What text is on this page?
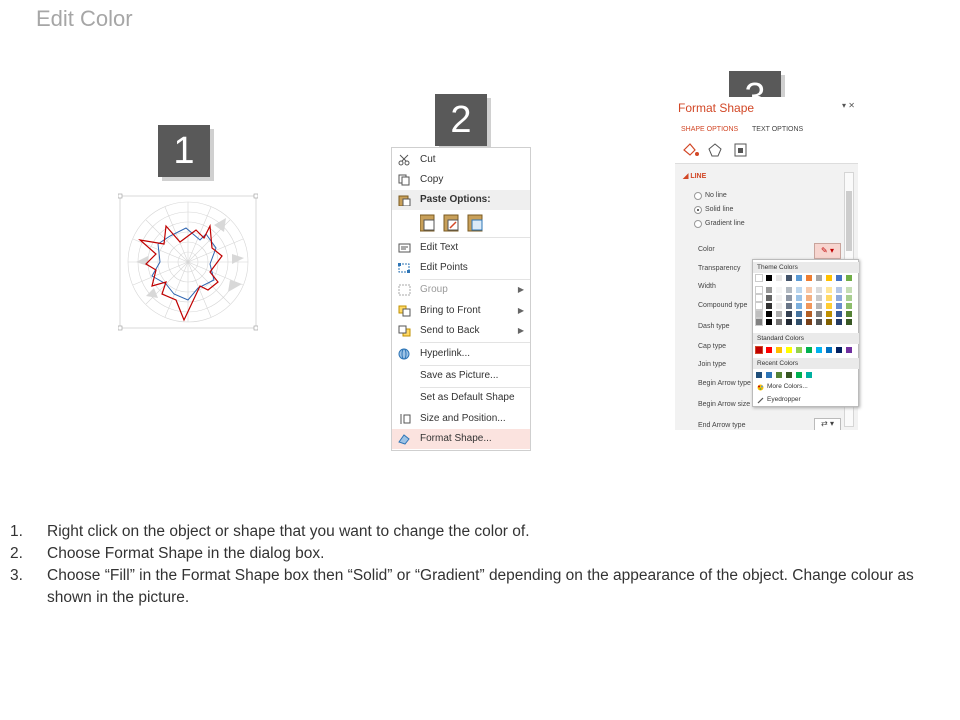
Edit Color
1
2
Cut
Copy
Paste Options:
Edit Text
Edit Points
Group	▶
Bring to Front	▶
Send to Back	▶
Hyperlink...
Save as Picture...
Set as Default Shape
Size and Position...
Format Shape...
Format Shape	▾ ✕
SHAPE OPTIONS TEXT OPTIONS
◢ LINE
No line
Solid line
Gradient line
Color
Transparency
Width
Compound type
Dash type
Cap type
Join type
Begin Arrow type
Begin Arrow size
End Arrow type
✎ ▾
⇄ ▾
Theme Colors
Standard Colors
Recent Colors
More Colors...
Eyedropper
1. Right click on the object or shape that you want to change the color of.
2. Choose Format Shape in the dialog box.
3. Choose “Fill” in the Format Shape box then “Solid” or “Gradient” depending on the appearance of the object. Change colour as shown in the picture.
